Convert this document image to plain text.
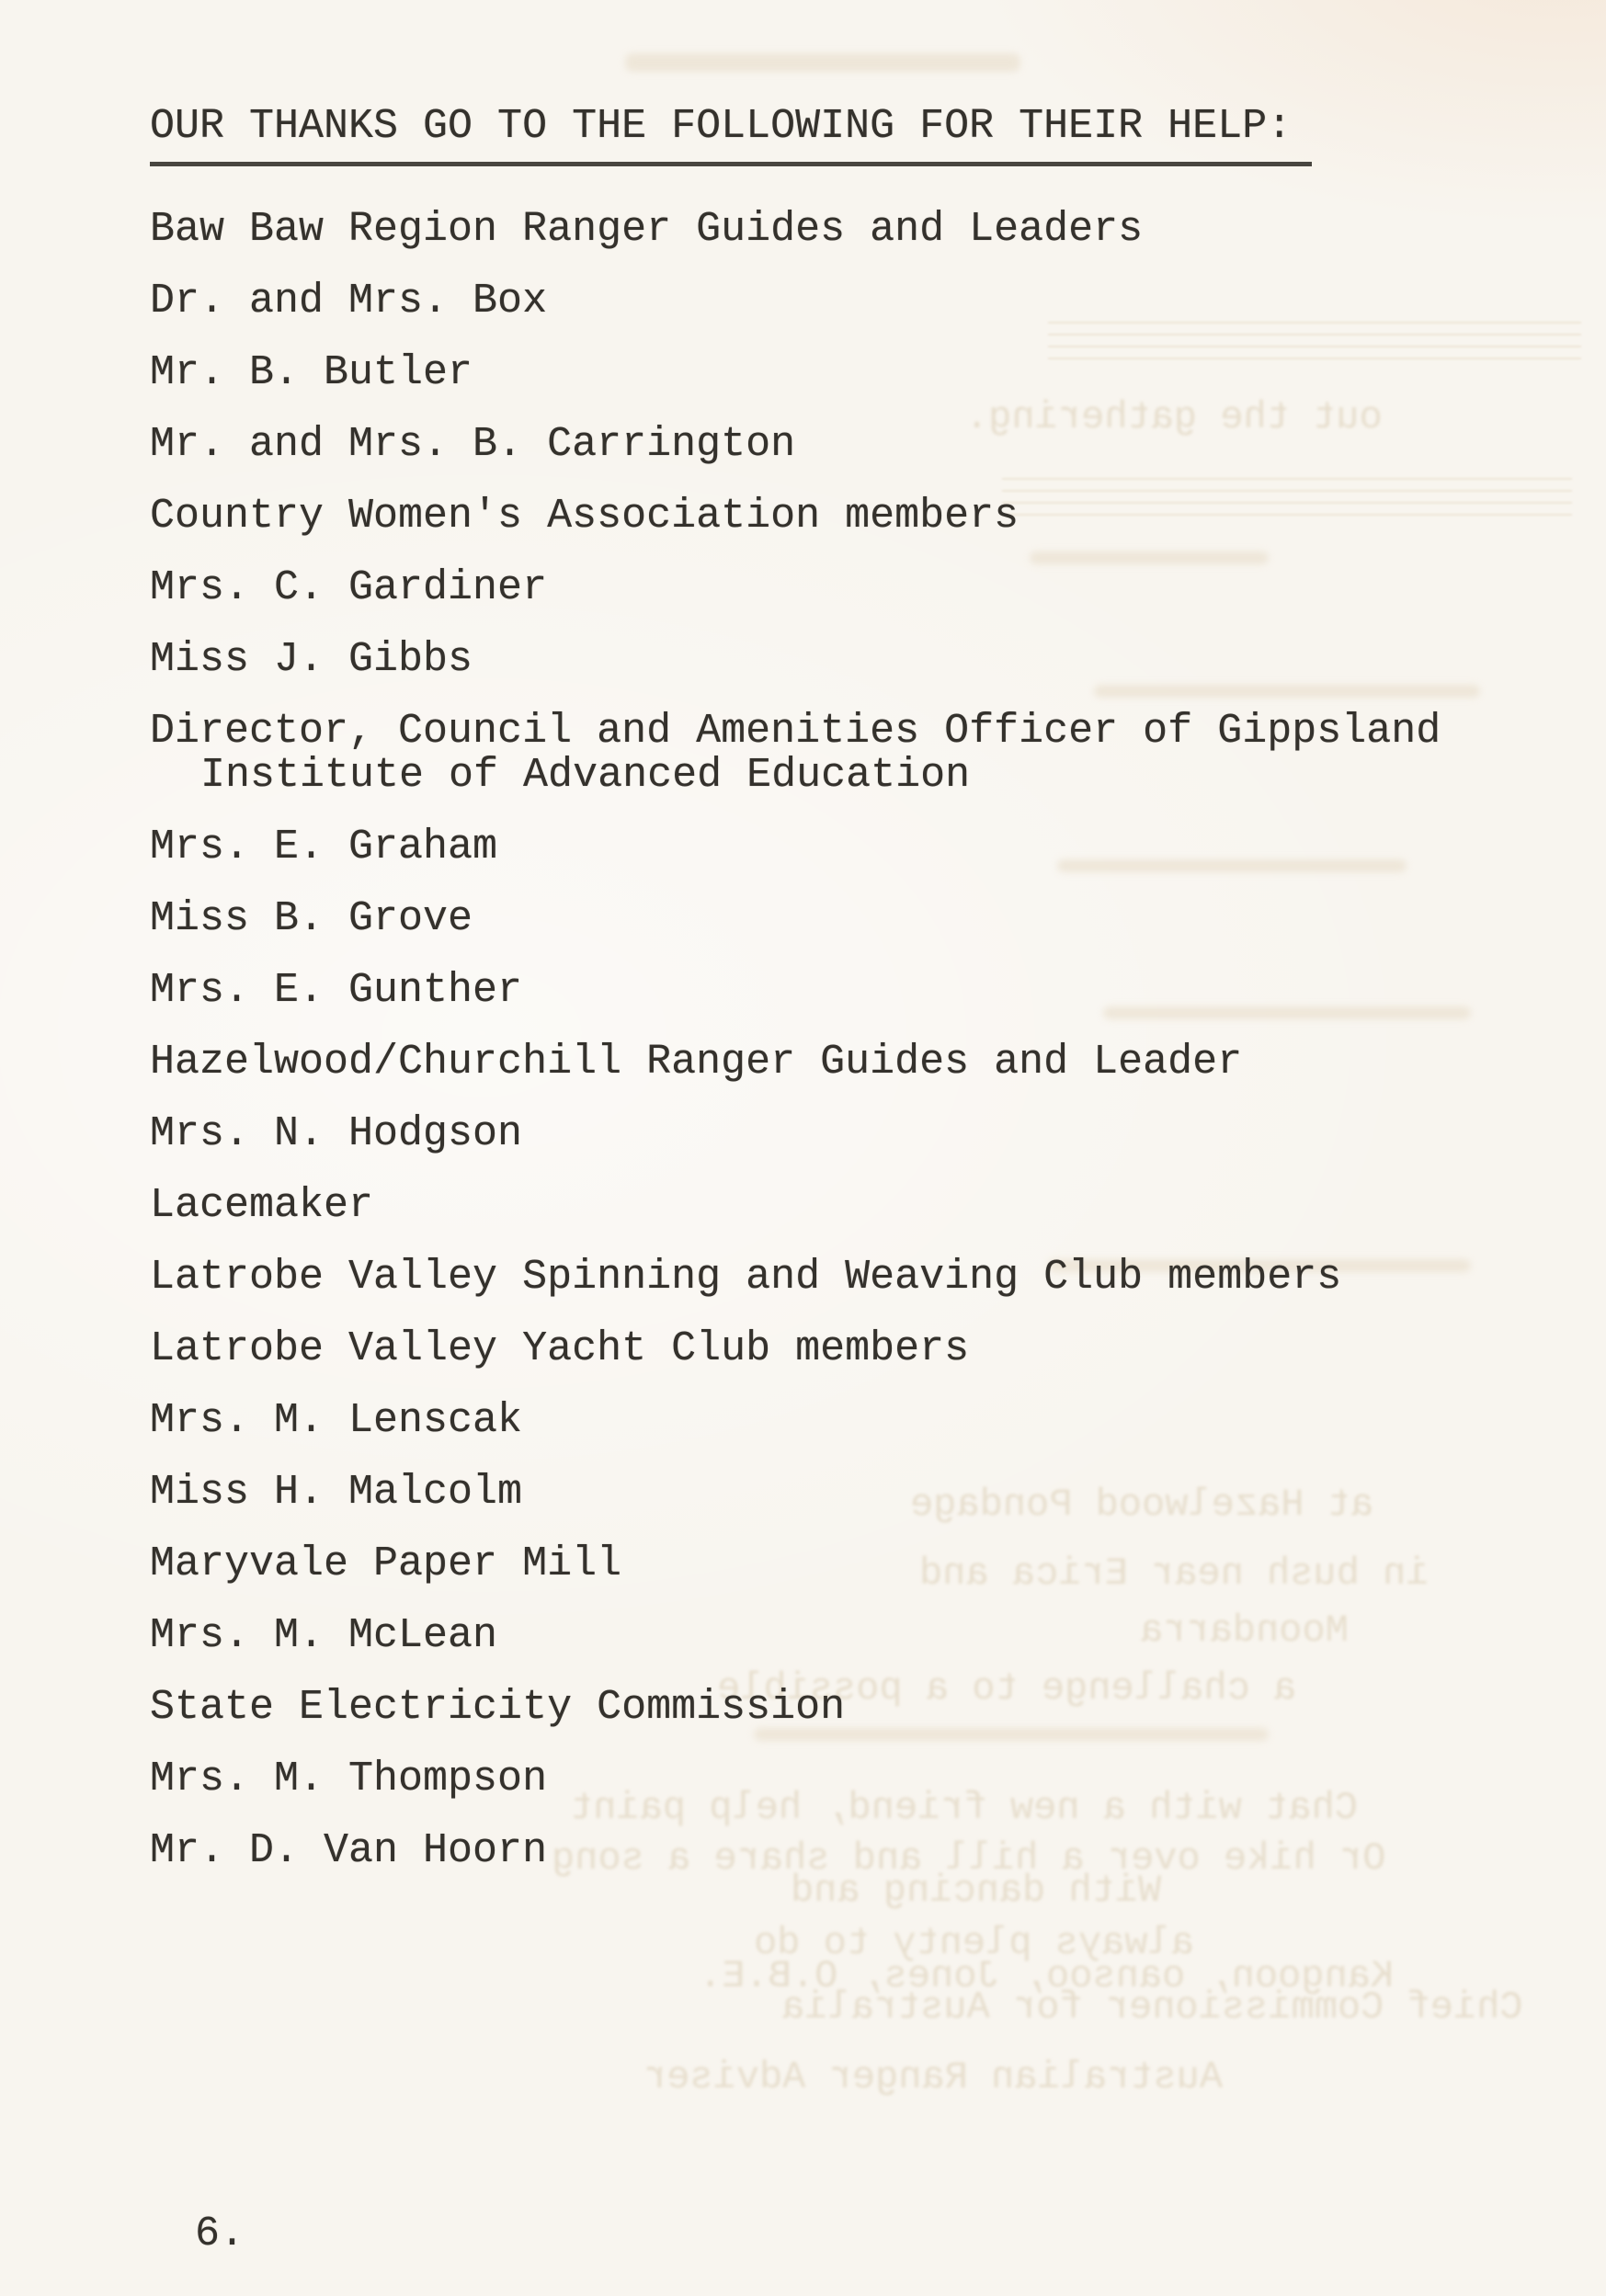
out the gathering.
at Hazelwood Pondage
in bush near Erica and
Moondarra
a challenge to a possible
Chat with a new friend, help paint
Or hike over a hill and share a song
With dancing and
always plenty to do
Kangoon, oansoo, Jones, O.B.E.
Chief Commissioner for Australia
Australian Ranger Adviser
OUR THANKS GO TO THE FOLLOWING FOR THEIR HELP:
Baw Baw Region Ranger Guides and Leaders
Dr. and Mrs. Box
Mr. B. Butler
Mr. and Mrs. B. Carrington
Country Women's Association members
Mrs. C. Gardiner
Miss J. Gibbs
Director, Council and Amenities Officer of Gippsland
Institute of Advanced Education
Mrs. E. Graham
Miss B. Grove
Mrs. E. Gunther
Hazelwood/Churchill Ranger Guides and Leader
Mrs. N. Hodgson
Lacemaker
Latrobe Valley Spinning and Weaving Club members
Latrobe Valley Yacht Club members
Mrs. M. Lenscak
Miss H. Malcolm
Maryvale Paper Mill
Mrs. M. McLean
State Electricity Commission
Mrs. M. Thompson
Mr. D. Van Hoorn
6.
